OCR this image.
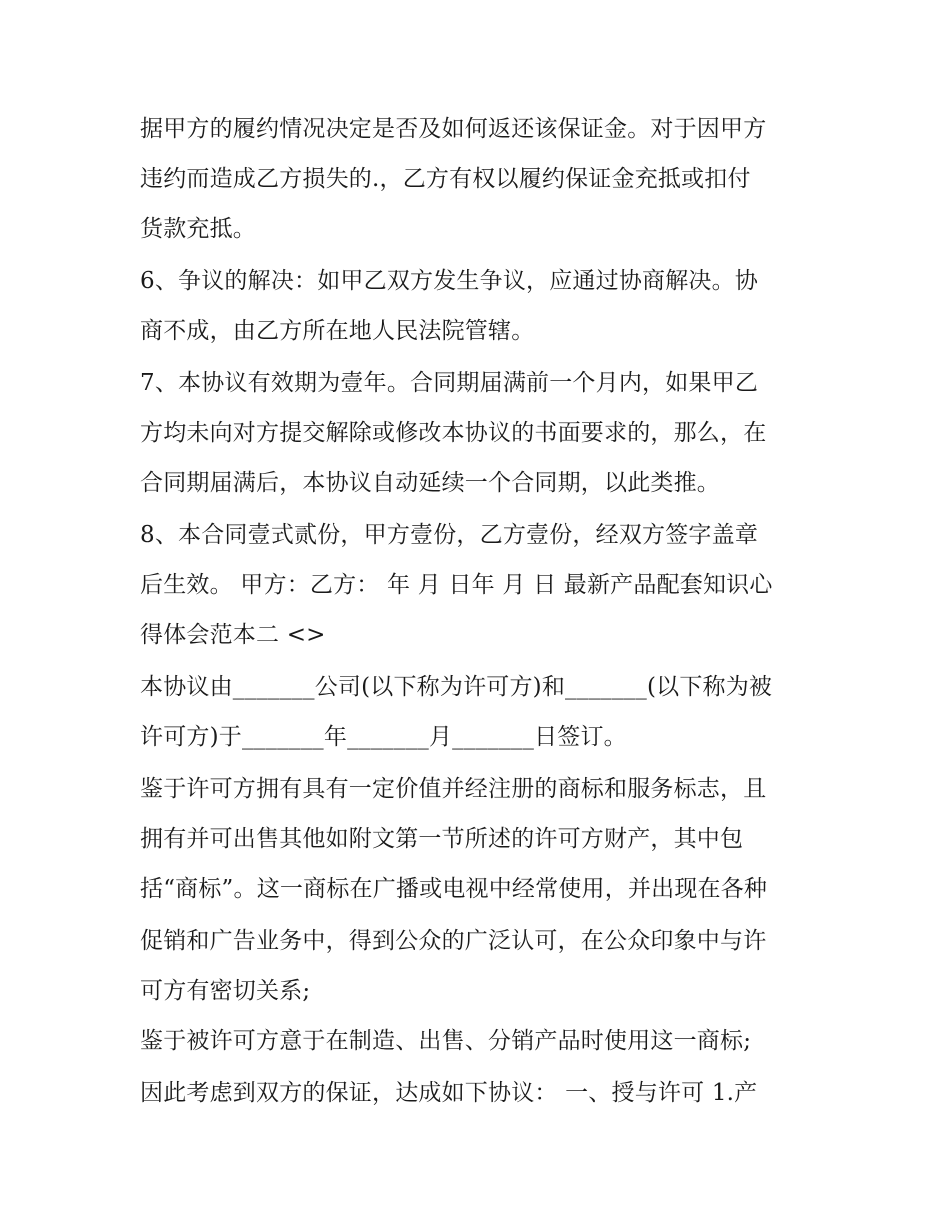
据甲方的履约情况决定是否及如何返还该保证金。对于因甲方
违约而造成乙方损失的.，乙方有权以履约保证金充抵或扣付
货款充抵。
6、争议的解决：如甲乙双方发生争议，应通过协商解决。协
商不成，由乙方所在地人民法院管辖。
7、本协议有效期为壹年。合同期届满前一个月内，如果甲乙
方均未向对方提交解除或修改本协议的书面要求的，那么，在
合同期届满后，本协议自动延续一个合同期，以此类推。
8、本合同壹式贰份，甲方壹份，乙方壹份，经双方签字盖章
后生效。 甲方：乙方： 年 月 日年 月 日 最新产品配套知识心
得体会范本二 <>
本协议由_______公司(以下称为许可方)和_______(以下称为被
许可方)于_______年_______月_______日签订。
鉴于许可方拥有具有一定价值并经注册的商标和服务标志，且
拥有并可出售其他如附文第一节所述的许可方财产，其中包
括“商标”。这一商标在广播或电视中经常使用，并出现在各种
促销和广告业务中，得到公众的广泛认可，在公众印象中与许
可方有密切关系;
鉴于被许可方意于在制造、出售、分销产品时使用这一商标;
因此考虑到双方的保证，达成如下协议： 一、授与许可 1.产
